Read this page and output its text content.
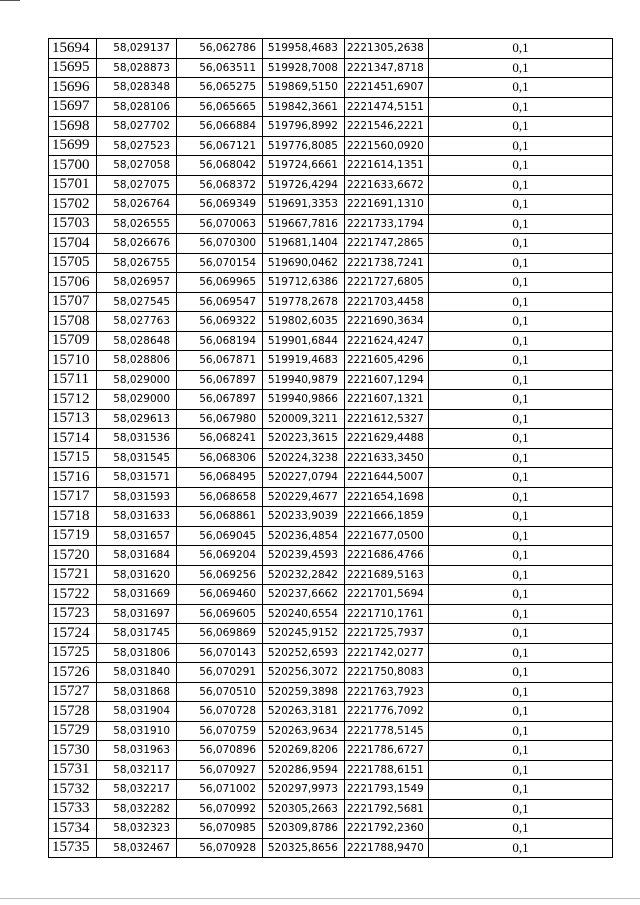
15694	58,029137	56,062786	519958,4683	2221305,2638	0,1
15695	58,028873	56,063511	519928,7008	2221347,8718	0,1
15696	58,028348	56,065275	519869,5150	2221451,6907	0,1
15697	58,028106	56,065665	519842,3661	2221474,5151	0,1
15698	58,027702	56,066884	519796,8992	2221546,2221	0,1
15699	58,027523	56,067121	519776,8085	2221560,0920	0,1
15700	58,027058	56,068042	519724,6661	2221614,1351	0,1
15701	58,027075	56,068372	519726,4294	2221633,6672	0,1
15702	58,026764	56,069349	519691,3353	2221691,1310	0,1
15703	58,026555	56,070063	519667,7816	2221733,1794	0,1
15704	58,026676	56,070300	519681,1404	2221747,2865	0,1
15705	58,026755	56,070154	519690,0462	2221738,7241	0,1
15706	58,026957	56,069965	519712,6386	2221727,6805	0,1
15707	58,027545	56,069547	519778,2678	2221703,4458	0,1
15708	58,027763	56,069322	519802,6035	2221690,3634	0,1
15709	58,028648	56,068194	519901,6844	2221624,4247	0,1
15710	58,028806	56,067871	519919,4683	2221605,4296	0,1
15711	58,029000	56,067897	519940,9879	2221607,1294	0,1
15712	58,029000	56,067897	519940,9866	2221607,1321	0,1
15713	58,029613	56,067980	520009,3211	2221612,5327	0,1
15714	58,031536	56,068241	520223,3615	2221629,4488	0,1
15715	58,031545	56,068306	520224,3238	2221633,3450	0,1
15716	58,031571	56,068495	520227,0794	2221644,5007	0,1
15717	58,031593	56,068658	520229,4677	2221654,1698	0,1
15718	58,031633	56,068861	520233,9039	2221666,1859	0,1
15719	58,031657	56,069045	520236,4854	2221677,0500	0,1
15720	58,031684	56,069204	520239,4593	2221686,4766	0,1
15721	58,031620	56,069256	520232,2842	2221689,5163	0,1
15722	58,031669	56,069460	520237,6662	2221701,5694	0,1
15723	58,031697	56,069605	520240,6554	2221710,1761	0,1
15724	58,031745	56,069869	520245,9152	2221725,7937	0,1
15725	58,031806	56,070143	520252,6593	2221742,0277	0,1
15726	58,031840	56,070291	520256,3072	2221750,8083	0,1
15727	58,031868	56,070510	520259,3898	2221763,7923	0,1
15728	58,031904	56,070728	520263,3181	2221776,7092	0,1
15729	58,031910	56,070759	520263,9634	2221778,5145	0,1
15730	58,031963	56,070896	520269,8206	2221786,6727	0,1
15731	58,032117	56,070927	520286,9594	2221788,6151	0,1
15732	58,032217	56,071002	520297,9973	2221793,1549	0,1
15733	58,032282	56,070992	520305,2663	2221792,5681	0,1
15734	58,032323	56,070985	520309,8786	2221792,2360	0,1
15735	58,032467	56,070928	520325,8656	2221788,9470	0,1
